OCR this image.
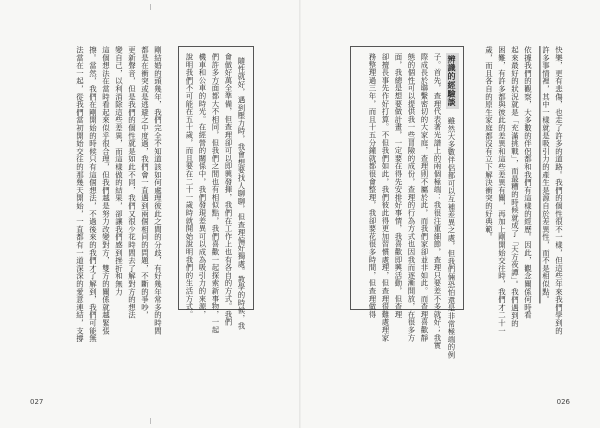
隨性就好，遇到壓力時，我會想要找人聊聊，但查理偏好獨處。教學的時候，我
會做好萬全準備，但查理卻可以即興發揮，我們在工作上也有各自的方式。我們
們許多方面都大不相同，但我們之間也有相似點，我們喜歡一起探索新事物，一起
機車和公車的時光。在經營的關係中，我們發現差異可以成為吸引力的來源，
說明我們不可能在五十歲，而且要在二十一歲時就開始說明我們的生活方式。
剛結婚的頭幾年，我們完全不知道該如何處理彼此之間的分歧，有好幾年常多的時間
都是在衝突或是逃避之中度過，我們會一直遇到兩個相同的問題，不斷的爭吵，
更新聲音，但是我們的個性就是如此不同，我們又很少花時間去了解對方的想法
變自己，以利消除這些差異，而這樣做的結果，卻讓我們感到挫折和無力
這個想法在當時看起來似乎很合理，但我們越是努力改變對方，雙方的關係就越緊張
擦。當然，我們在剛開始的時候只有這個想法，不過後來的我們才了解到，我們可能無
法當在一起，從我們當初開始交往的那幾天開始，一直都有一道深深的愛意連結，支撐
027
快樂，更有悲傷，也走了許多的道路。我們的個性很不一樣，但這些年來我們學到的
許多事情裡，其中一樣就是吸引力的產生是源自於差異性，而不是相似點。
依據我們的觀察，大多數的伴侶都和我們有這樣的經歷。因此，觀念關係何時看
起來最好的狀況就是「充滿挑戰」，而最糟的時候就成了「天方夜譚」。我們遇到的
困難，有許多都與彼此的差異和這些差異有關，再加上剛開始交往時，我們才二十一
歲，而且各自的原生家庭都沒有立下解決衝突的好典範。
辨識的經驗談
雖然大多數伴侶都可以互補差異之處，但我們倆恐怕還是非常極端的例
子。首先，查理代表著光譜上的兩個極端：我很注重細節，查理只要差不多就好；我實
際成長於聯繫密切的大家庭，查理則不屬於此，而我們家卻並非如此。而查理喜歡靜
態的個性可以提供我一些冒險的成份，查理的行為方式也因我而逐漸開放，在很多方
面，我總是想要做計畫，一定要在得先安排好事情，我喜歡即興活動，但查理
卻擅長事先作好打算。不但我們如此，我們彼此得更加習慣處理，但查理很難處理家
務整理過三年，而且十五分鐘就都很會整理，我卻要花很多時間，但查理做得
026
